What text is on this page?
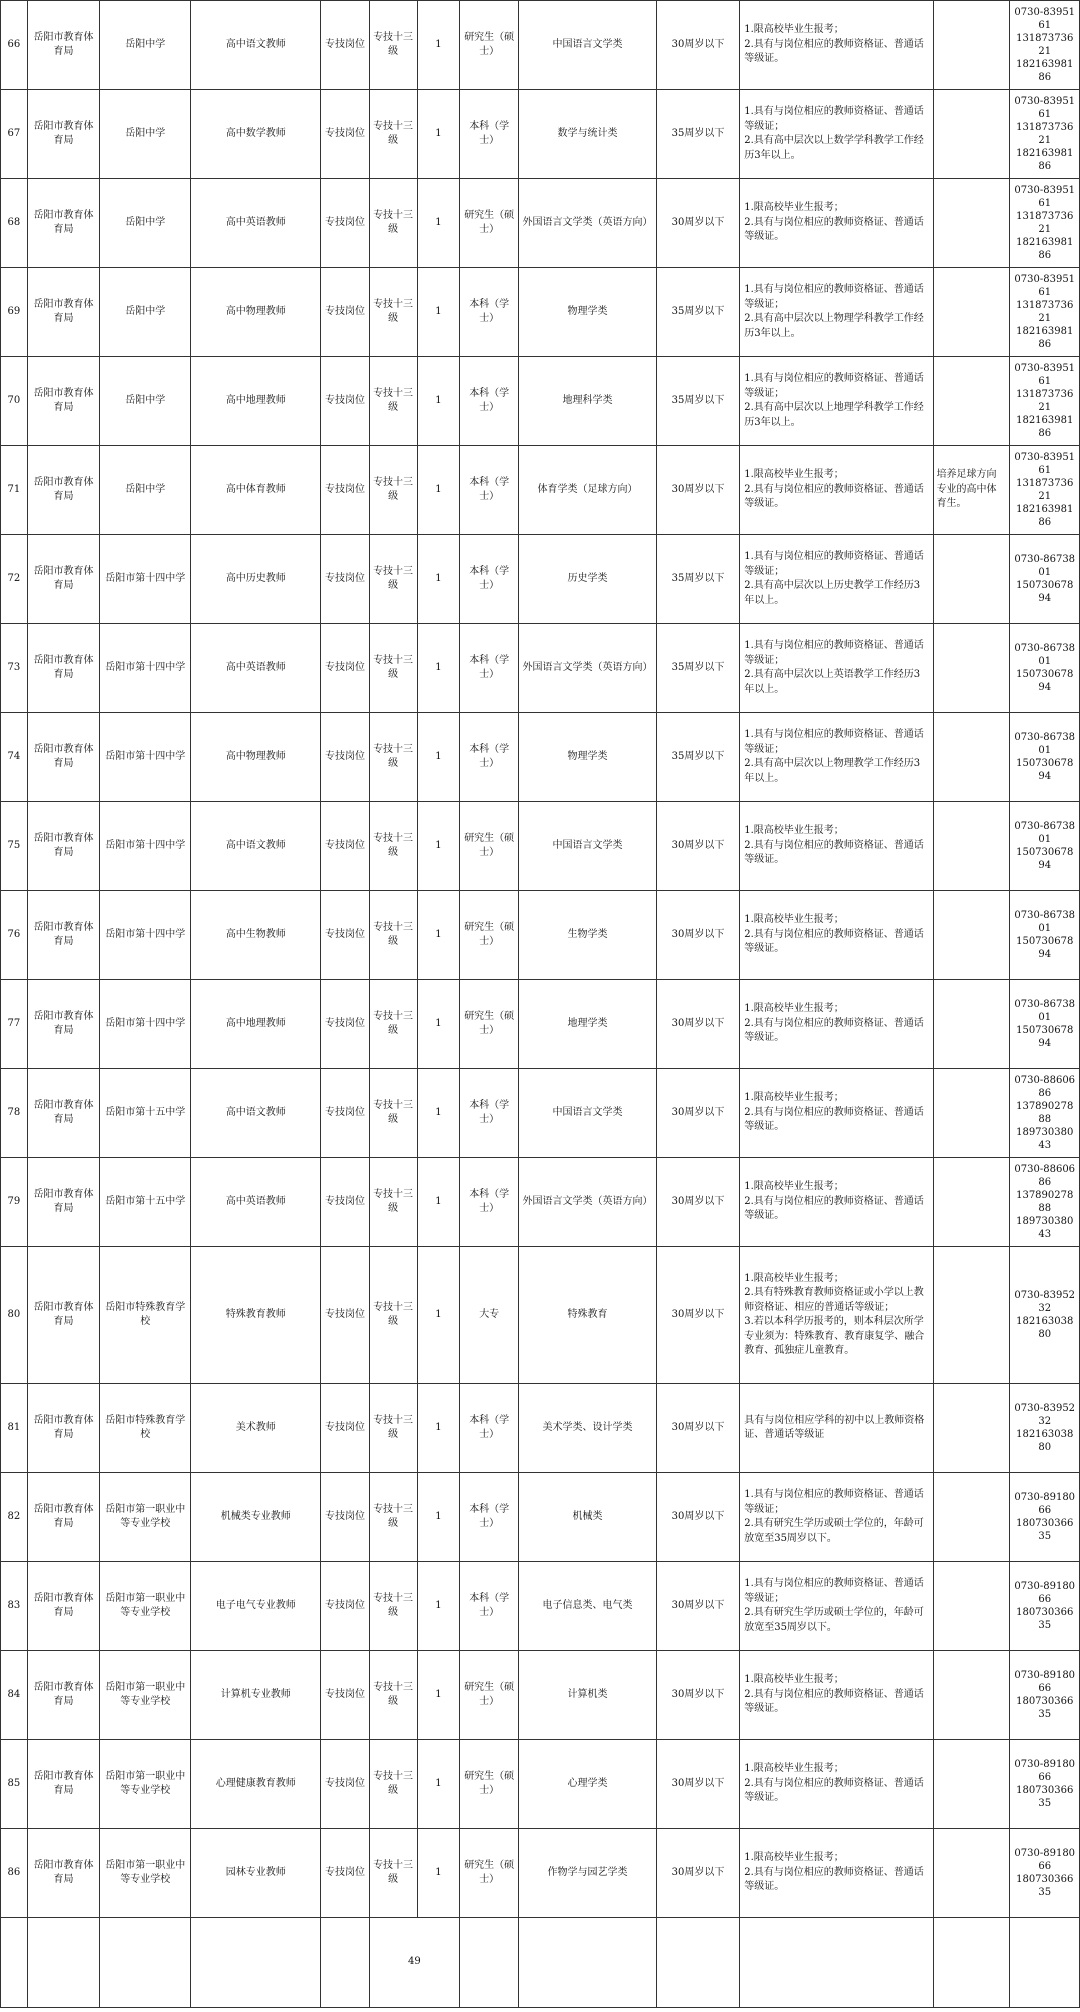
66	岳阳市教育体育局	岳阳中学	高中语文教师	专技岗位	专技十三级	1	研究生（硕士）	中国语言文学类	30周岁以下	1.限高校毕业生报考；
2.具有与岗位相应的教师资格证、普通话等级证。		0730-8395161
13187373621
18216398186
67	岳阳市教育体育局	岳阳中学	高中数学教师	专技岗位	专技十三级	1	本科（学士）	数学与统计类	35周岁以下	1.具有与岗位相应的教师资格证、普通话等级证；
2.具有高中层次以上数学学科教学工作经历3年以上。		0730-8395161
13187373621
18216398186
68	岳阳市教育体育局	岳阳中学	高中英语教师	专技岗位	专技十三级	1	研究生（硕士）	外国语言文学类（英语方向）	30周岁以下	1.限高校毕业生报考；
2.具有与岗位相应的教师资格证、普通话等级证。		0730-8395161
13187373621
18216398186
69	岳阳市教育体育局	岳阳中学	高中物理教师	专技岗位	专技十三级	1	本科（学士）	物理学类	35周岁以下	1.具有与岗位相应的教师资格证、普通话等级证；
2.具有高中层次以上物理学科教学工作经历3年以上。		0730-8395161
13187373621
18216398186
70	岳阳市教育体育局	岳阳中学	高中地理教师	专技岗位	专技十三级	1	本科（学士）	地理科学类	35周岁以下	1.具有与岗位相应的教师资格证、普通话等级证；
2.具有高中层次以上地理学科教学工作经历3年以上。		0730-8395161
13187373621
18216398186
71	岳阳市教育体育局	岳阳中学	高中体育教师	专技岗位	专技十三级	1	本科（学士）	体育学类（足球方向）	30周岁以下	1.限高校毕业生报考；
2.具有与岗位相应的教师资格证、普通话等级证。	培养足球方向专业的高中体育生。	0730-8395161
13187373621
18216398186
72	岳阳市教育体育局	岳阳市第十四中学	高中历史教师	专技岗位	专技十三级	1	本科（学士）	历史学类	35周岁以下	1.具有与岗位相应的教师资格证、普通话等级证；
2.具有高中层次以上历史教学工作经历3年以上。		0730-8673801
15073067894
73	岳阳市教育体育局	岳阳市第十四中学	高中英语教师	专技岗位	专技十三级	1	本科（学士）	外国语言文学类（英语方向）	35周岁以下	1.具有与岗位相应的教师资格证、普通话等级证；
2.具有高中层次以上英语教学工作经历3年以上。		0730-8673801
15073067894
74	岳阳市教育体育局	岳阳市第十四中学	高中物理教师	专技岗位	专技十三级	1	本科（学士）	物理学类	35周岁以下	1.具有与岗位相应的教师资格证、普通话等级证；
2.具有高中层次以上物理教学工作经历3年以上。		0730-8673801
15073067894
75	岳阳市教育体育局	岳阳市第十四中学	高中语文教师	专技岗位	专技十三级	1	研究生（硕士）	中国语言文学类	30周岁以下	1.限高校毕业生报考；
2.具有与岗位相应的教师资格证、普通话等级证。		0730-8673801
15073067894
76	岳阳市教育体育局	岳阳市第十四中学	高中生物教师	专技岗位	专技十三级	1	研究生（硕士）	生物学类	30周岁以下	1.限高校毕业生报考；
2.具有与岗位相应的教师资格证、普通话等级证。		0730-8673801
15073067894
77	岳阳市教育体育局	岳阳市第十四中学	高中地理教师	专技岗位	专技十三级	1	研究生（硕士）	地理学类	30周岁以下	1.限高校毕业生报考；
2.具有与岗位相应的教师资格证、普通话等级证。		0730-8673801
15073067894
78	岳阳市教育体育局	岳阳市第十五中学	高中语文教师	专技岗位	专技十三级	1	本科（学士）	中国语言文学类	30周岁以下	1.限高校毕业生报考；
2.具有与岗位相应的教师资格证、普通话等级证。		0730-8860686
13789027888
18973038043
79	岳阳市教育体育局	岳阳市第十五中学	高中英语教师	专技岗位	专技十三级	1	本科（学士）	外国语言文学类（英语方向）	30周岁以下	1.限高校毕业生报考；
2.具有与岗位相应的教师资格证、普通话等级证。		0730-8860686
13789027888
18973038043
80	岳阳市教育体育局	岳阳市特殊教育学校	特殊教育教师	专技岗位	专技十三级	1	大专	特殊教育	30周岁以下	1.限高校毕业生报考；
2.具有特殊教育教师资格证或小学以上教师资格证、相应的普通话等级证；
3.若以本科学历报考的，则本科层次所学专业须为：特殊教育、教育康复学、融合教育、孤独症儿童教育。		0730-8395232
18216303880
81	岳阳市教育体育局	岳阳市特殊教育学校	美术教师	专技岗位	专技十三级	1	本科（学士）	美术学类、设计学类	30周岁以下	具有与岗位相应学科的初中以上教师资格证、普通话等级证		0730-8395232
18216303880
82	岳阳市教育体育局	岳阳市第一职业中等专业学校	机械类专业教师	专技岗位	专技十三级	1	本科（学士）	机械类	30周岁以下	1.具有与岗位相应的教师资格证、普通话等级证；
2.具有研究生学历或硕士学位的，年龄可放宽至35周岁以下。		0730-8918066
18073036635
83	岳阳市教育体育局	岳阳市第一职业中等专业学校	电子电气专业教师	专技岗位	专技十三级	1	本科（学士）	电子信息类、电气类	30周岁以下	1.具有与岗位相应的教师资格证、普通话等级证；
2.具有研究生学历或硕士学位的，年龄可放宽至35周岁以下。		0730-8918066
18073036635
84	岳阳市教育体育局	岳阳市第一职业中等专业学校	计算机专业教师	专技岗位	专技十三级	1	研究生（硕士）	计算机类	30周岁以下	1.限高校毕业生报考；
2.具有与岗位相应的教师资格证、普通话等级证。		0730-8918066
18073036635
85	岳阳市教育体育局	岳阳市第一职业中等专业学校	心理健康教育教师	专技岗位	专技十三级	1	研究生（硕士）	心理学类	30周岁以下	1.限高校毕业生报考；
2.具有与岗位相应的教师资格证、普通话等级证。		0730-8918066
18073036635
86	岳阳市教育体育局	岳阳市第一职业中等专业学校	园林专业教师	专技岗位	专技十三级	1	研究生（硕士）	作物学与园艺学类	30周岁以下	1.限高校毕业生报考；
2.具有与岗位相应的教师资格证、普通话等级证。		0730-8918066
18073036635
					49							
